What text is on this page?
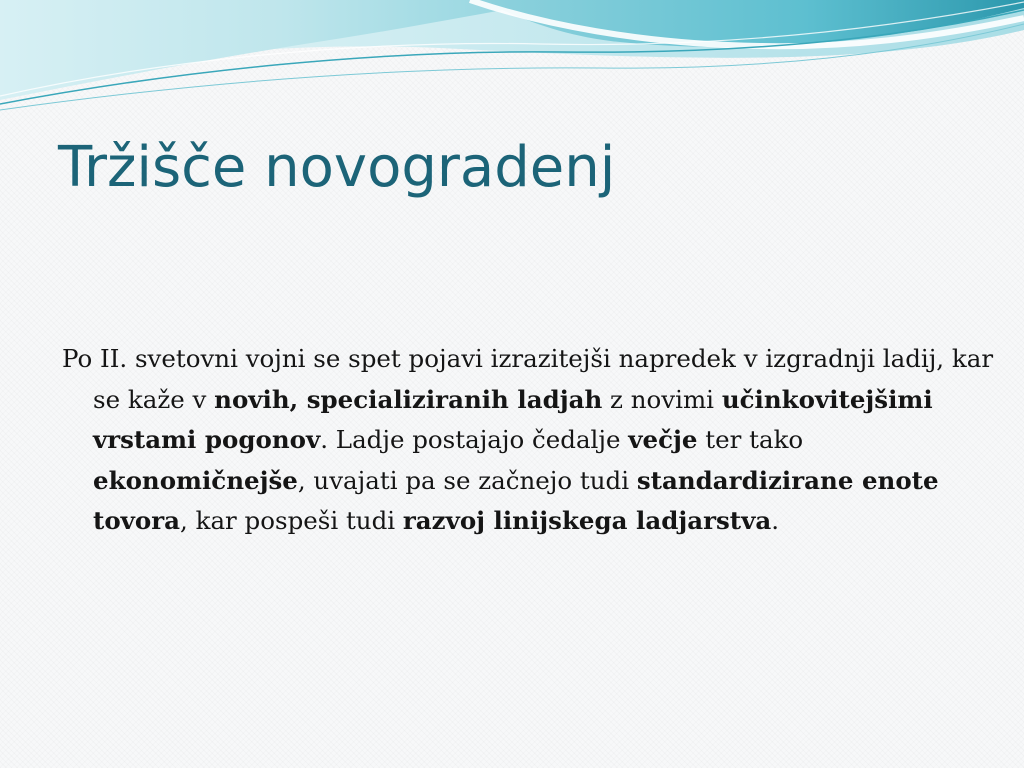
Tržišče novogradenj

Po II. svetovni vojni se spet pojavi izrazitejši napredek v izgradnji ladij, kar se kaže v novih, specializiranih ladjah z novimi učinkovitejšimi vrstami pogonov. Ladje postajajo čedalje večje ter tako ekonomičnejše, uvajati pa se začnejo tudi standardizirane enote tovora, kar pospeši tudi razvoj linijskega ladjarstva.
